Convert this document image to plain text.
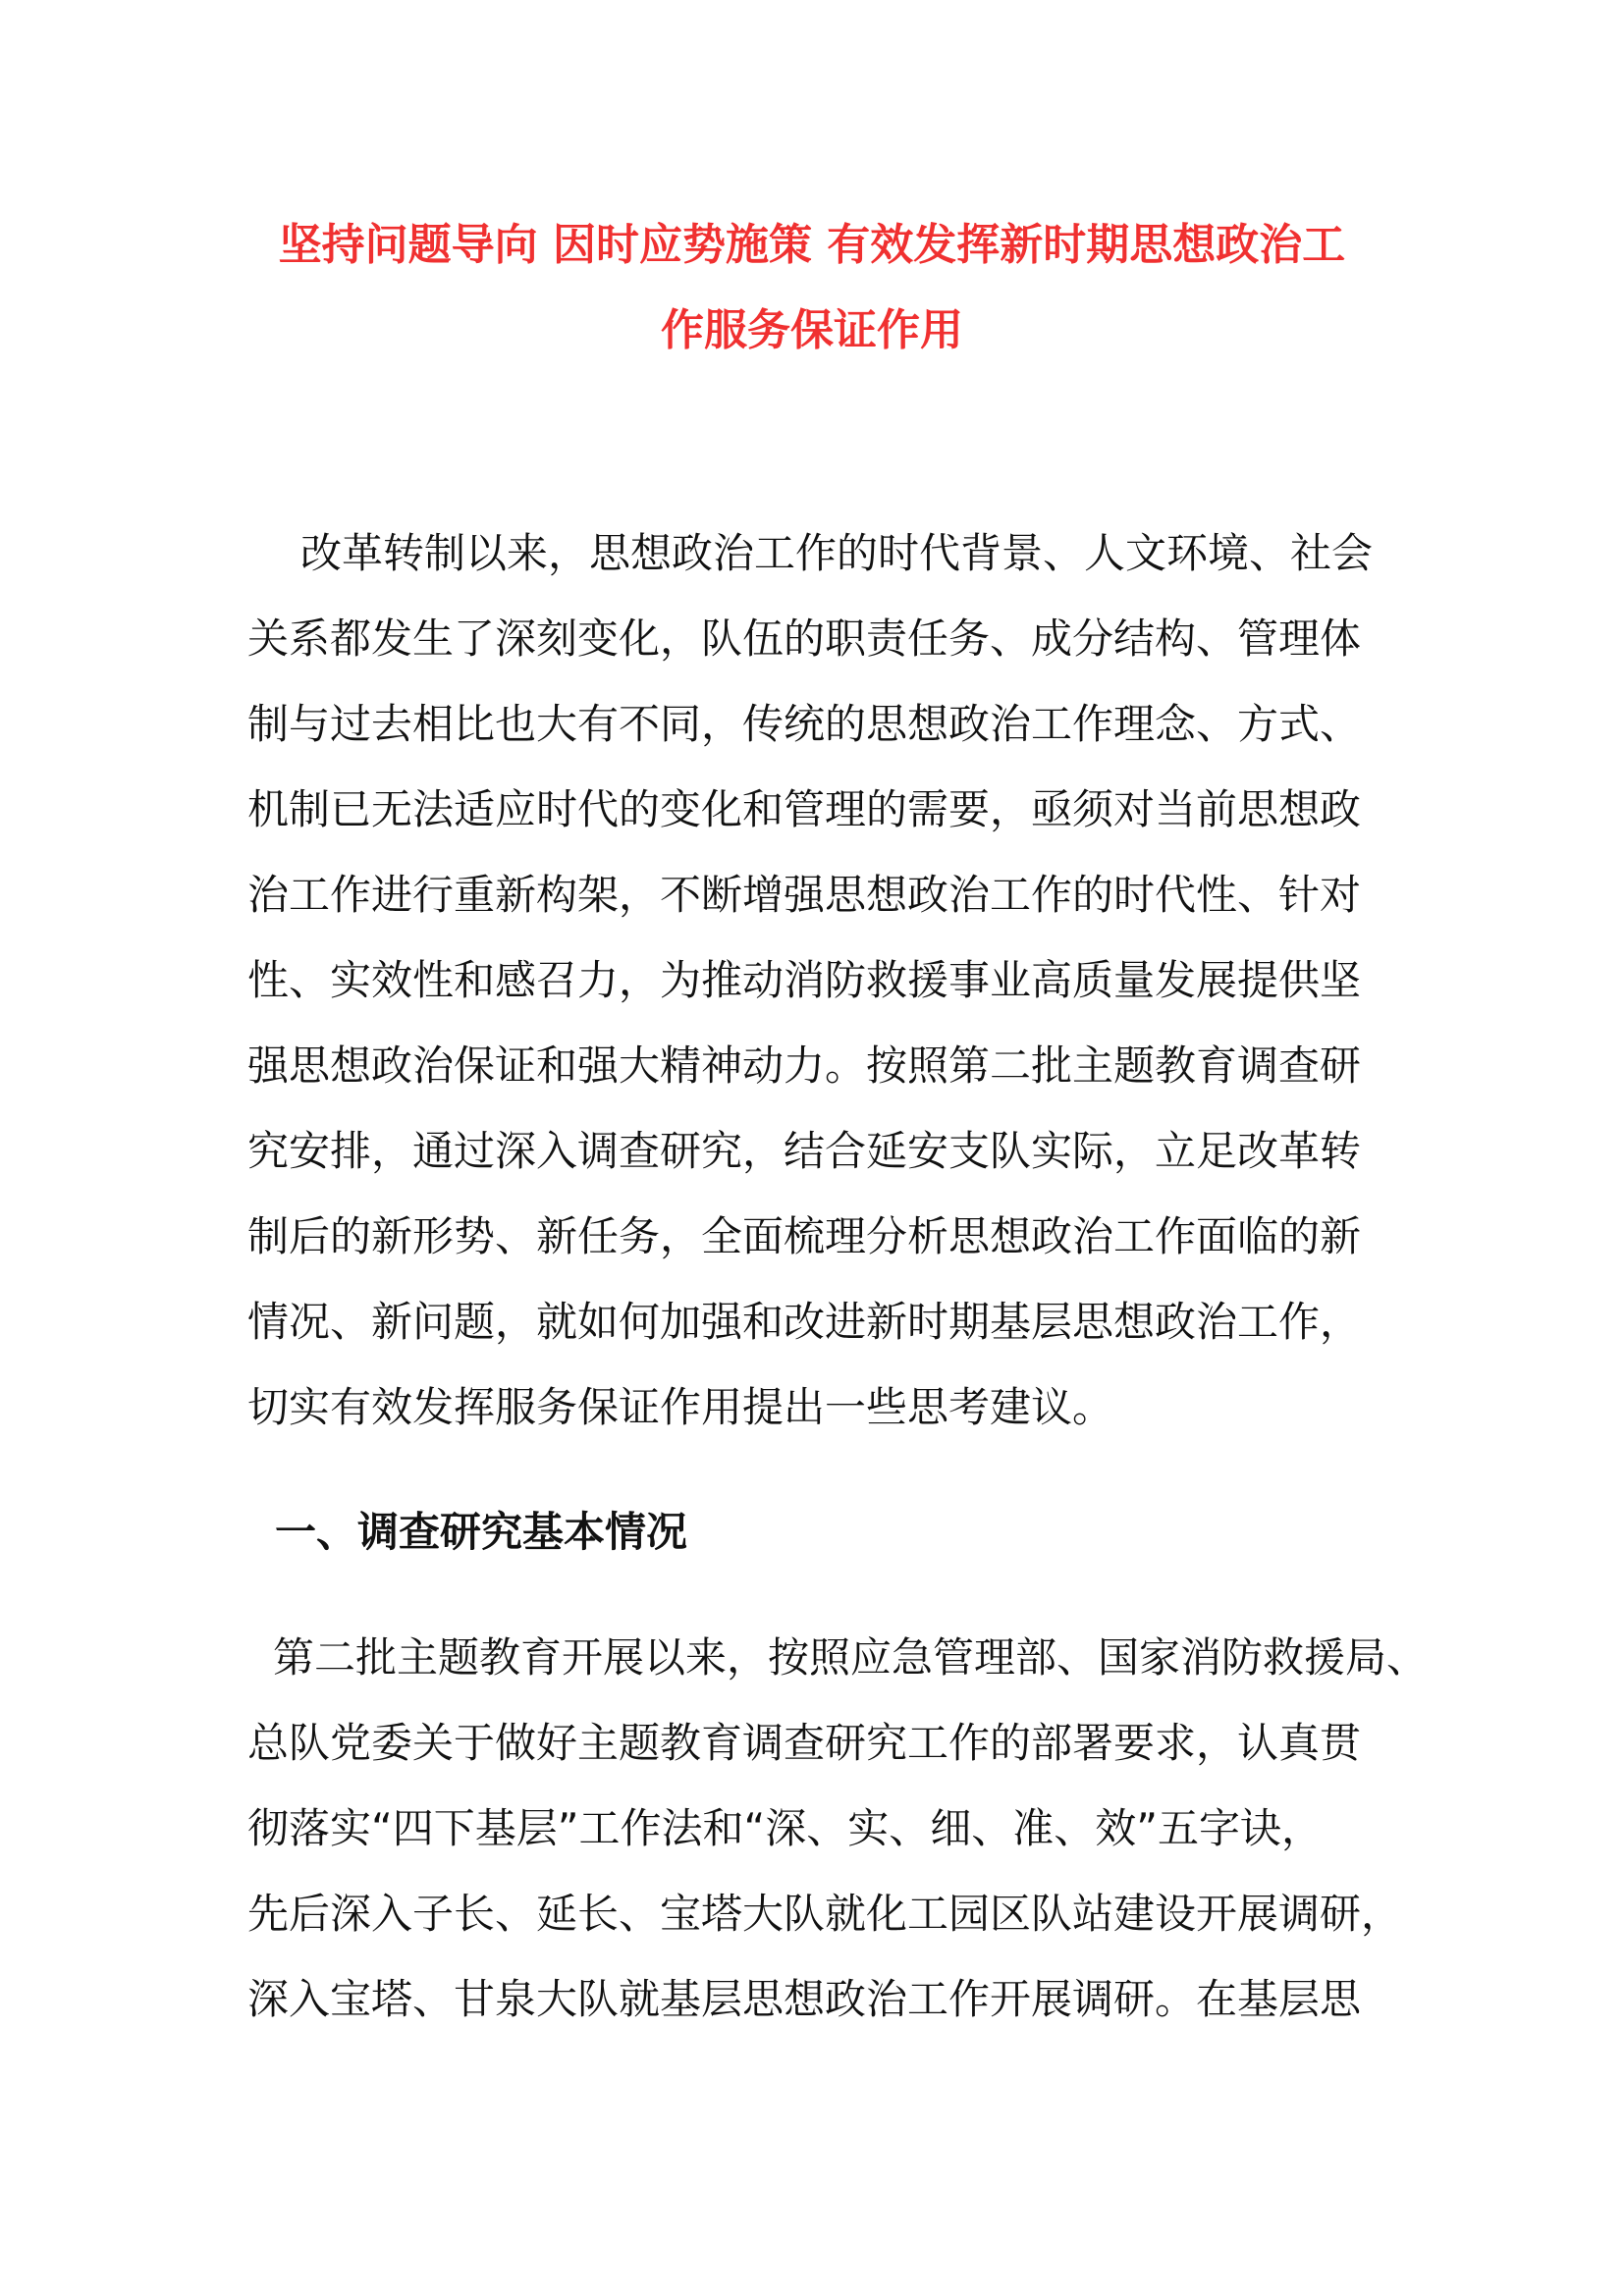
坚持问题导向 因时应势施策 有效发挥新时期思想政治工
作服务保证作用
改革转制以来，思想政治工作的时代背景、人文环境、社会
关系都发生了深刻变化，队伍的职责任务、成分结构、管理体
制与过去相比也大有不同，传统的思想政治工作理念、方式、
机制已无法适应时代的变化和管理的需要，亟须对当前思想政
治工作进行重新构架，不断增强思想政治工作的时代性、针对
性、实效性和感召力，为推动消防救援事业高质量发展提供坚
强思想政治保证和强大精神动力。按照第二批主题教育调查研
究安排，通过深入调查研究，结合延安支队实际，立足改革转
制后的新形势、新任务，全面梳理分析思想政治工作面临的新
情况、新问题，就如何加强和改进新时期基层思想政治工作，
切实有效发挥服务保证作用提出一些思考建议。
一、调查研究基本情况
第二批主题教育开展以来，按照应急管理部、国家消防救援局、
总队党委关于做好主题教育调查研究工作的部署要求，认真贯
彻落实“四下基层”工作法和“深、实、细、准、效”五字诀，
先后深入子长、延长、宝塔大队就化工园区队站建设开展调研，
深入宝塔、甘泉大队就基层思想政治工作开展调研。在基层思
